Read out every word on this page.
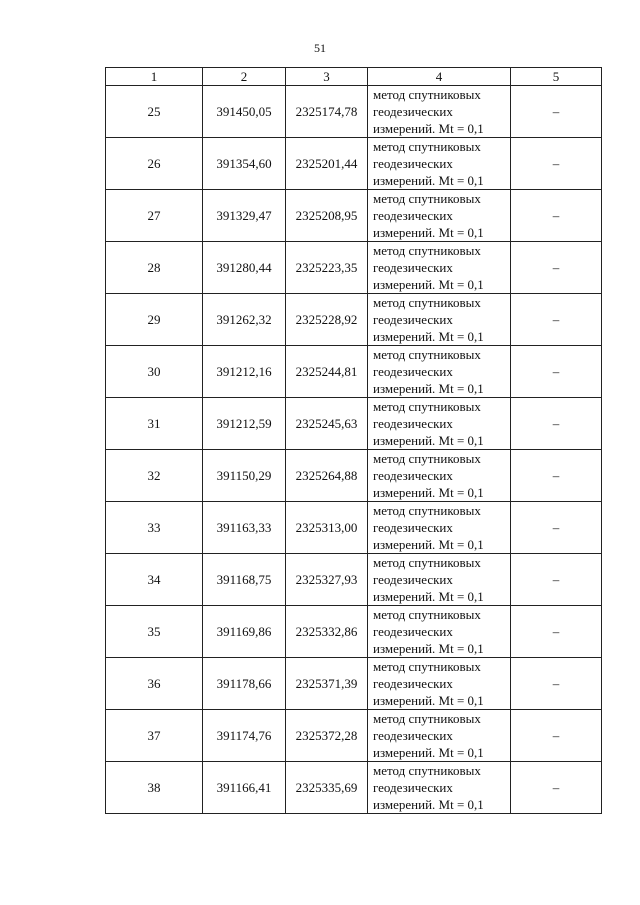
51
1	2	3	4	5
25	391450,05	2325174,78	метод спутниковых
геодезических
измерений. Mt = 0,1	–
26	391354,60	2325201,44	метод спутниковых
геодезических
измерений. Mt = 0,1	–
27	391329,47	2325208,95	метод спутниковых
геодезических
измерений. Mt = 0,1	–
28	391280,44	2325223,35	метод спутниковых
геодезических
измерений. Mt = 0,1	–
29	391262,32	2325228,92	метод спутниковых
геодезических
измерений. Mt = 0,1	–
30	391212,16	2325244,81	метод спутниковых
геодезических
измерений. Mt = 0,1	–
31	391212,59	2325245,63	метод спутниковых
геодезических
измерений. Mt = 0,1	–
32	391150,29	2325264,88	метод спутниковых
геодезических
измерений. Mt = 0,1	–
33	391163,33	2325313,00	метод спутниковых
геодезических
измерений. Mt = 0,1	–
34	391168,75	2325327,93	метод спутниковых
геодезических
измерений. Mt = 0,1	–
35	391169,86	2325332,86	метод спутниковых
геодезических
измерений. Mt = 0,1	–
36	391178,66	2325371,39	метод спутниковых
геодезических
измерений. Mt = 0,1	–
37	391174,76	2325372,28	метод спутниковых
геодезических
измерений. Mt = 0,1	–
38	391166,41	2325335,69	метод спутниковых
геодезических
измерений. Mt = 0,1	–
